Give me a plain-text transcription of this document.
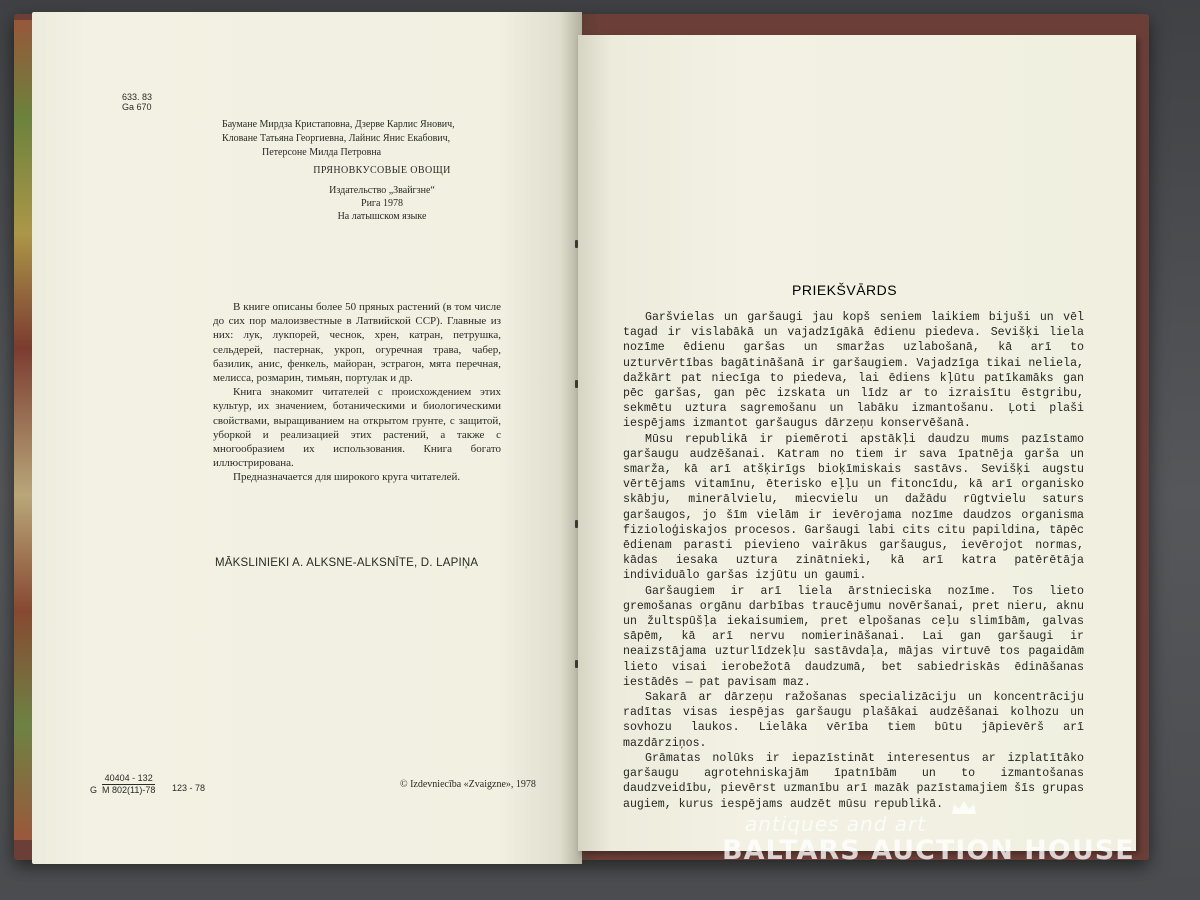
633. 83
Ga 670
Бауманe Мирдза Кристаповна, Дзерве Карлис Янович,
Кловане Татьяна Георгиевна, Лайнис Янис Екабович,
Петерсоне Милда Петровна
ПРЯНОВКУСОВЫЕ ОВОЩИ
Издательство „Звайгзне“
Рига 1978
На латышском языке

В книге описаны более 50 пряных растений (в том числе до сих пор малоизвестные в Латвийской ССР). Главные из них: лук, лукпорей, чеснок, хрен, катран, петрушка, сельдерей, пастернак, укроп, огуречная трава, чабер, базилик, анис, фенкель, майоран, эстрагон, мята перечная, мелисса, розмарин, тимьян, портулак и др.

Книга знакомит читателей с происхождением этих культур, их значением, ботаническими и биологическими свойствами, выращиванием на открытом грунте, с защитой, уборкой и реализацией этих растений, а также с многообразием их использования. Книга богато иллюстрирована.

Предназначается для широкого круга читателей.

MĀKSLINIEKI A. ALKSNE-ALKSNĪTE, D. LAPIŅA
G $\frac{40404 - 132}{M 802(11)-78} 123 - 78$	© Izdevniecība «Zvaigzne», 1978
PRIEKŠVĀRDS

Garšvielas un garšaugi jau kopš seniem laikiem bijuši un vēl tagad ir vislabākā un vajadzīgākā ēdienu piedeva. Sevišķi liela nozīme ēdienu garšas un smaržas uzlabošanā, kā arī to uzturvērtības bagātināšanā ir garšaugiem. Vajadzīga tikai neliela, dažkārt pat niecīga to piedeva, lai ēdiens kļūtu patīkamāks gan pēc garšas, gan pēc izskata un līdz ar to izraisītu ēstgribu, sekmētu uztura sagremošanu un labāku izmantošanu. Ļoti plaši iespējams izmantot garšaugus dārzeņu konservēšanā.

Mūsu republikā ir piemēroti apstākļi daudzu mums pazīstamo garšaugu audzēšanai. Katram no tiem ir sava īpatnēja garša un smarža, kā arī atšķirīgs bioķīmiskais sastāvs. Sevišķi augstu vērtējams vitamīnu, ēterisko eļļu un fitoncīdu, kā arī organisko skābju, minerālvielu, miecvielu un dažādu rūgtvielu saturs garšaugos, jo šīm vielām ir ievērojama nozīme daudzos organisma fizioloģiskajos procesos. Garšaugi labi cits citu papildina, tāpēc ēdienam parasti pievieno vairākus garšaugus, ievērojot normas, kādas iesaka uztura zinātnieki, kā arī katra patērētāja individuālo garšas izjūtu un gaumi.

Garšaugiem ir arī liela ārstnieciska nozīme. Tos lieto gremošanas orgānu darbības traucējumu novēršanai, pret nieru, aknu un žultspūšļa iekaisumiem, pret elpošanas ceļu slimībām, galvas sāpēm, kā arī nervu nomierināšanai. Lai gan garšaugi ir neaizstājama uzturlīdzekļu sastāvdaļa, mājas virtuvē tos pagaidām lieto visai ierobežotā daudzumā, bet sabiedriskās ēdināšanas iestādēs — pat pavisam maz.

Sakarā ar dārzeņu ražošanas specializāciju un koncentrāciju radītas visas iespējas garšaugu plašākai audzēšanai kolhozu un sovhozu laukos. Lielāka vērība tiem būtu jāpievērš arī mazdārziņos.

Grāmatas nolūks ir iepazīstināt interesentus ar izplatītāko garšaugu agrotehniskajām īpatnībām un to izmantošanas daudzveidību, pievērst uzmanību arī mazāk pazīstamajiem šīs grupas augiem, kurus iespējams audzēt mūsu republikā.

antiques and art
BALTARS AUCTION HOUSE
